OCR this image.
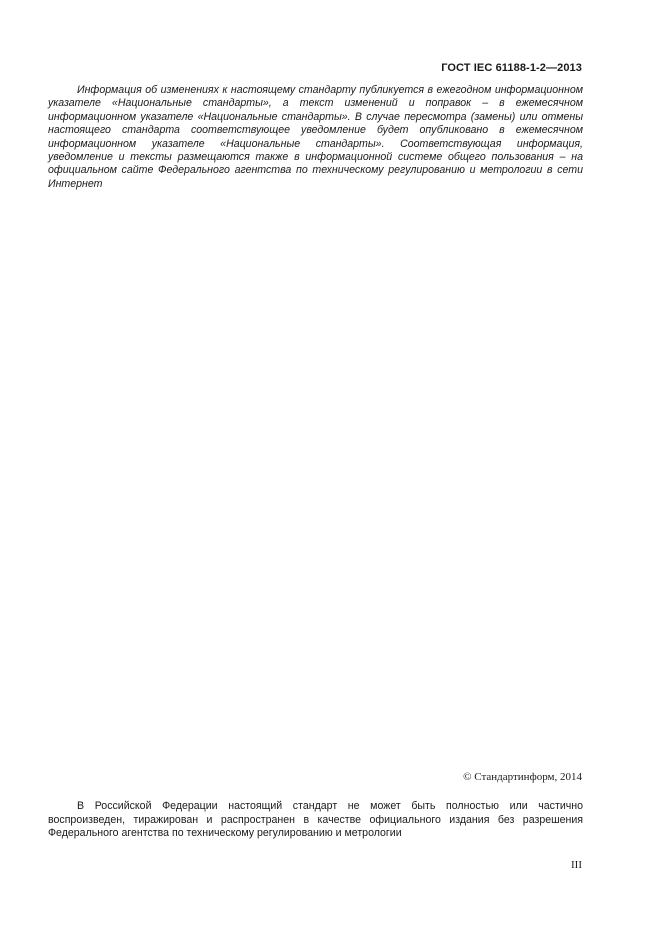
ГОСТ IEC 61188-1-2—2013

Информация об изменениях к настоящему стандарту публикуется в ежегодном информационном указателе «Национальные стандарты», а текст изменений и поправок – в ежемесячном информационном указателе «Национальные стандарты». В случае пересмотра (замены) или отмены настоящего стандарта соответствующее уведомление будет опубликовано в ежемесячном информационном указателе «Национальные стандарты». Соответствующая информация, уведомление и тексты размещаются также в информационной системе общего пользования – на официальном сайте Федерального агентства по техническому регулированию и метрологии в сети Интернет

© Стандартинформ, 2014

В Российской Федерации настоящий стандарт не может быть полностью или частично воспроизведен, тиражирован и распространен в качестве официального издания без разрешения Федерального агентства по техническому регулированию и метрологии

III
